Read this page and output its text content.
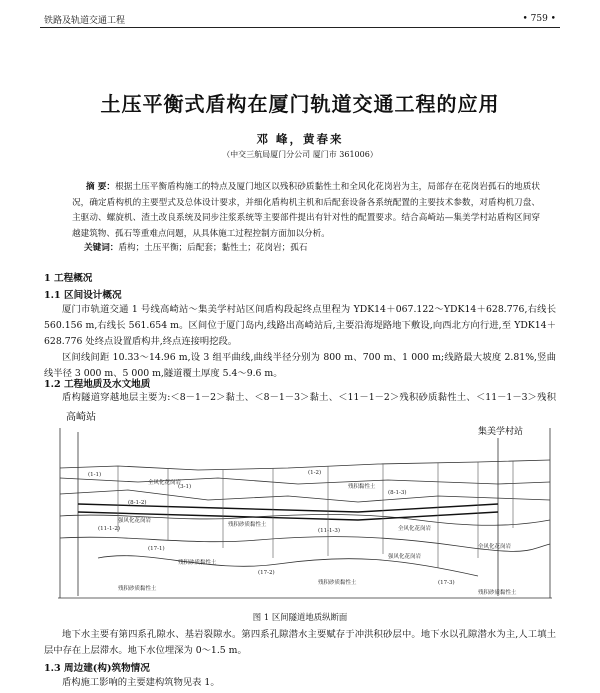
铁路及轨道交通工程	• 759 •
土压平衡式盾构在厦门轨道交通工程的应用
邓 峰，黄春来
（中交三航局厦门分公司 厦门市 361006）
摘 要：根据土压平衡盾构施工的特点及厦门地区以残积砂质黏性土和全风化花岗岩为主，局部存在花岗岩孤石的地质状况，确定盾构机的主要型式及总体设计要求，并细化盾构机主机和后配套设备各系统配置的主要技术参数，对盾构机刀盘、主驱动、螺旋机、渣土改良系统及同步注浆系统等主要部件提出有针对性的配置要求。结合高崎站—集美学村站盾构区间穿越建筑物、孤石等重难点问题，从具体施工过程控制方面加以分析。
关键词：盾构；土压平衡；后配套；黏性土；花岗岩；孤石
1 工程概况
1.1 区间设计概况
厦门市轨道交通 1 号线高崎站～集美学村站区间盾构段起终点里程为 YDK14＋067.122～YDK14＋628.776,右线长 560.156 m,右线长 561.654 m。区间位于厦门岛内,线路出高崎站后,主要沿海堤路地下敷设,向西北方向行进,至 YDK14＋628.776 处终点设置盾构井,终点连接明挖段。
区间线间距 10.33～14.96 m,设 3 组平曲线,曲线半径分别为 800 m、700 m、1 000 m;线路最大坡度 2.81%,竖曲线半径 3 000 m、5 000 m,隧道覆土厚度 5.4～9.6 m。
1.2 工程地质及水文地质
盾构隧道穿越地层主要为:＜8－1－2＞黏土、＜8－1－3＞黏土、＜11－1－2＞残积砂质黏性土、＜11－1－3＞残积
高崎站
集美学村站
(1-1)	(1-2)
(3-1)
(8-1-2)
(8-1-3)
(11-1-2)	(11-1-3)
(17-1)
(17-2)
(17-3)
全风化花岗岩
强风化花岗岩
残积砂质黏性土
残积黏性土
全风化花岗岩
残积砂质黏性土
残积砂质黏性土
强风化花岗岩
全风化花岗岩
残积砂质黏性土
残积砂质黏性土
图 1 区间隧道地质纵断面
地下水主要有第四系孔隙水、基岩裂隙水。第四系孔隙潜水主要赋存于冲洪积砂层中。地下水以孔隙潜水为主,人工填土层中存在上层滞水。地下水位埋深为 0～1.5 m。
1.3 周边建(构)筑物情况
盾构施工影响的主要建构筑物见表 1。
